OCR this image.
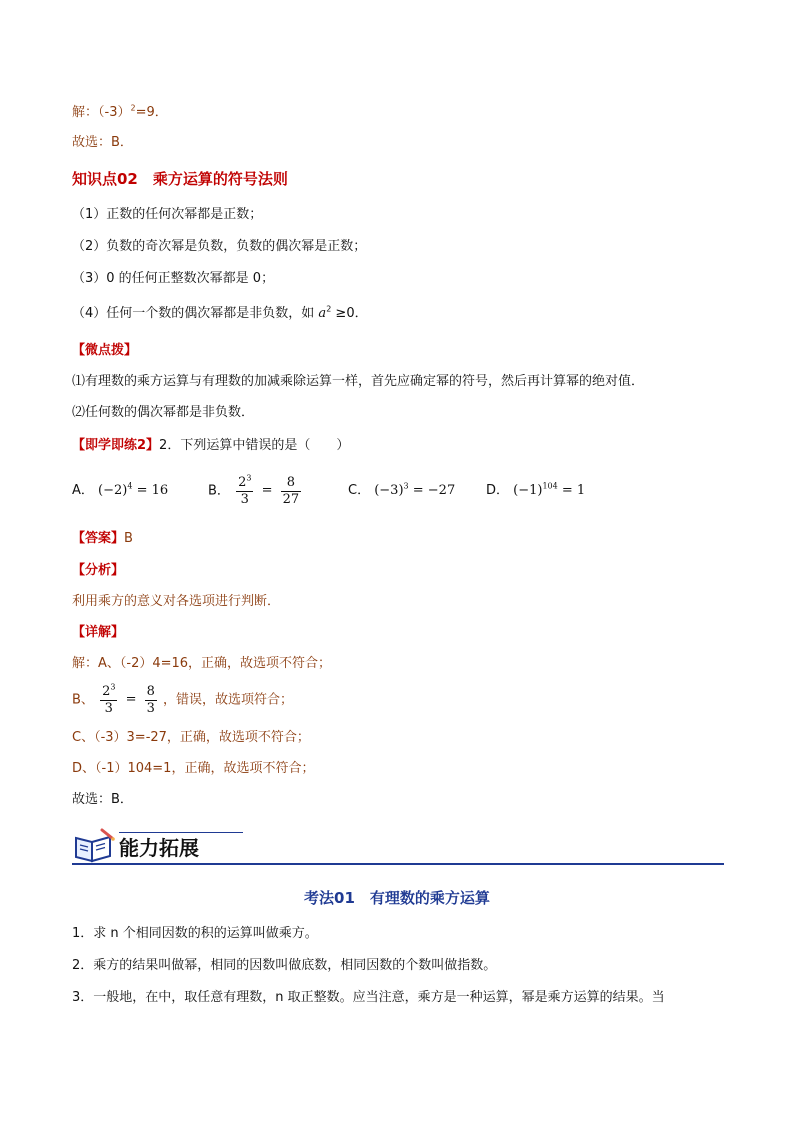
解：$(-3)^2=9$．
故选：B．
知识点02　乘方运算的符号法则
（1）正数的任何次幂都是正数；
（2）负数的奇次幂是负数，负数的偶次幂是正数；
（3）0 的任何正整数次幂都是 0；
（4）任何一个数的偶次幂都是非负数，如 $a^2 \ge 0$．
【微点拨】
⑴有理数的乘方运算与有理数的加减乘除运算一样，首先应确定幂的符号，然后再计算幂的绝对值．
⑵任何数的偶次幂都是非负数．
【即学即练2】2．下列运算中错误的是（　　）
A． $(-2)^4 = 16$	B． $\frac{2^3}{3} = \frac{8}{27}$	C． $(-3)^3 = -27$ D． $(-1)^{104} = 1$
【答案】B
【分析】
利用乘方的意义对各选项进行判断．
【详解】
解：A、（-2）4=16，正确，故选项不符合；
B、 $\frac{2^3}{3} = \frac{8}{3}$ ，错误，故选项符合；
C、（-3）3=-27，正确，故选项不符合；
D、（-1）104=1，正确，故选项不符合；
故选：B．
能力拓展
考法01　有理数的乘方运算
1．求 n 个相同因数的积的运算叫做乘方。
2．乘方的结果叫做幂，相同的因数叫做底数，相同因数的个数叫做指数。
3．一般地，在中，取任意有理数，n 取正整数。应当注意，乘方是一种运算，幂是乘方运算的结果。当
